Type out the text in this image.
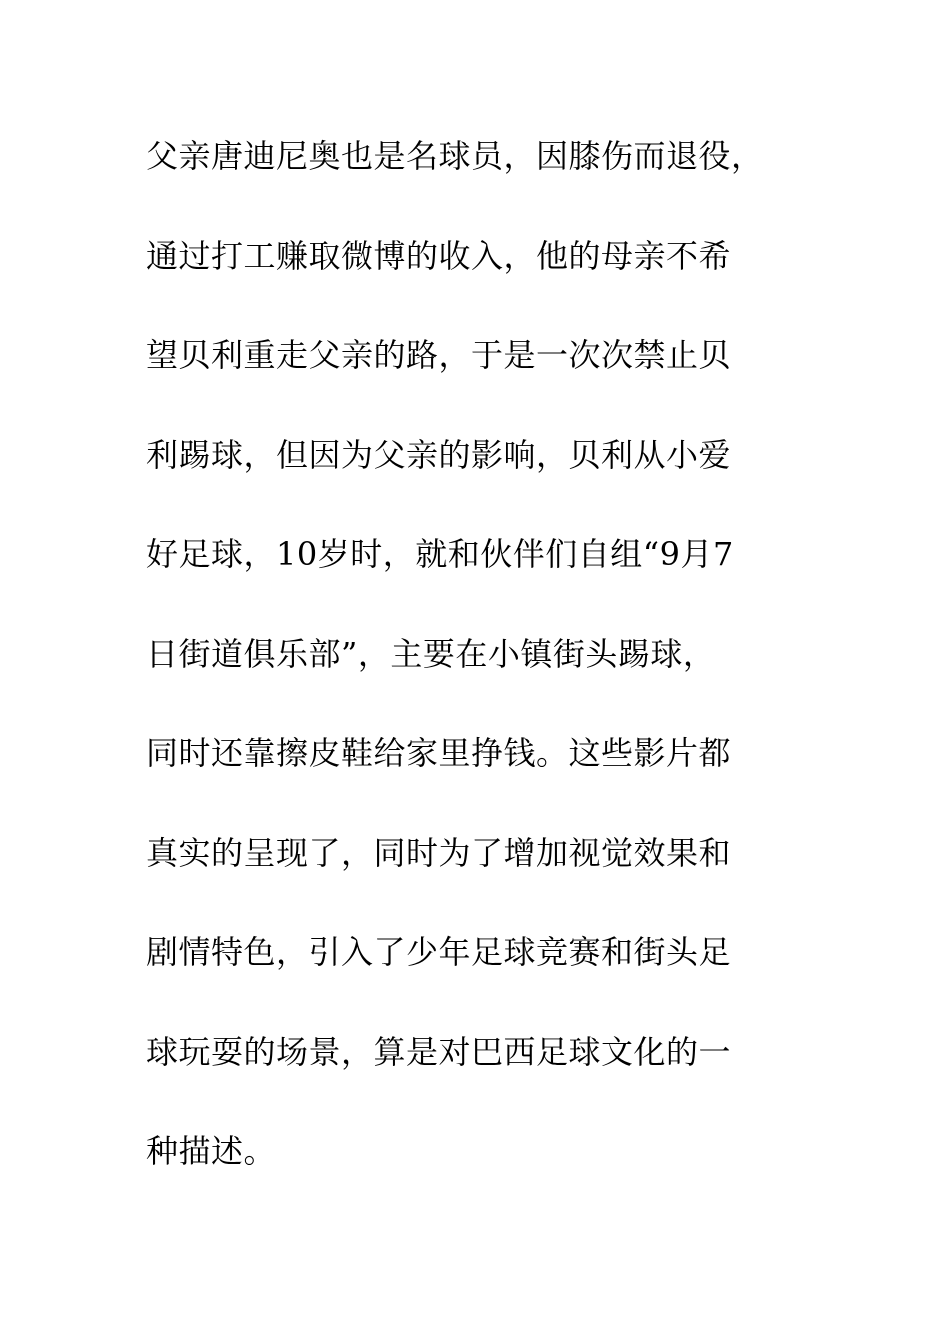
父亲唐迪尼奥也是名球员，因膝伤而退役，
通过打工赚取微博的收入，他的母亲不希
望贝利重走父亲的路，于是一次次禁止贝
利踢球，但因为父亲的影响，贝利从小爱
好足球，10岁时，就和伙伴们自组“9月7
日街道俱乐部”，主要在小镇街头踢球，
同时还靠擦皮鞋给家里挣钱。这些影片都
真实的呈现了，同时为了增加视觉效果和
剧情特色，引入了少年足球竞赛和街头足
球玩耍的场景，算是对巴西足球文化的一
种描述。
